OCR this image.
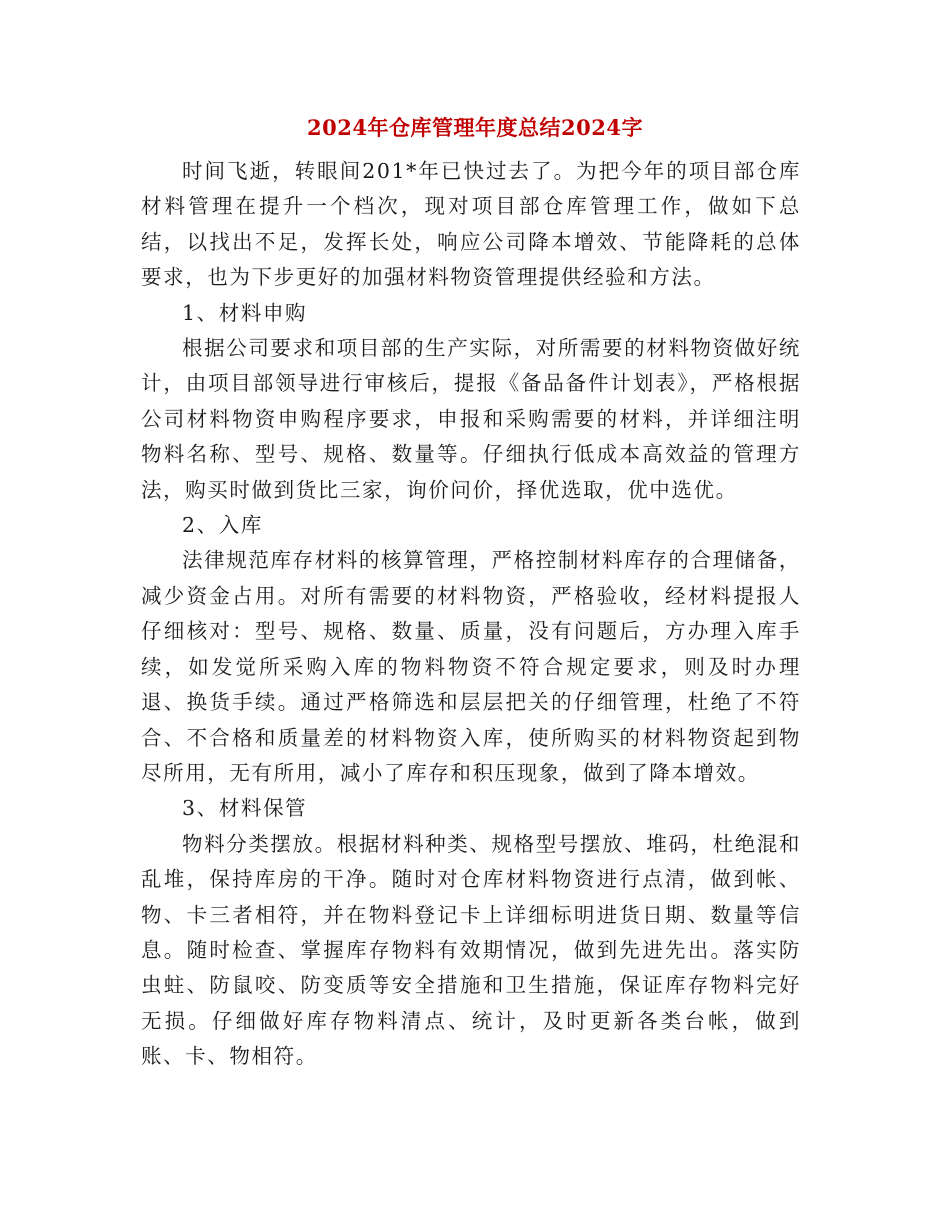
2024年仓库管理年度总结2024字

时间飞逝，转眼间201*年已快过去了。为把今年的项目部仓库材料管理在提升一个档次，现对项目部仓库管理工作，做如下总结，以找出不足，发挥长处，响应公司降本增效、节能降耗的总体要求，也为下步更好的加强材料物资管理提供经验和方法。

1、材料申购

根据公司要求和项目部的生产实际，对所需要的材料物资做好统计，由项目部领导进行审核后，提报《备品备件计划表》，严格根据公司材料物资申购程序要求，申报和采购需要的材料，并详细注明物料名称、型号、规格、数量等。仔细执行低成本高效益的管理方法，购买时做到货比三家，询价问价，择优选取，优中选优。

2、入库

法律规范库存材料的核算管理，严格控制材料库存的合理储备，减少资金占用。对所有需要的材料物资，严格验收，经材料提报人仔细核对：型号、规格、数量、质量，没有问题后，方办理入库手续，如发觉所采购入库的物料物资不符合规定要求，则及时办理退、换货手续。通过严格筛选和层层把关的仔细管理，杜绝了不符合、不合格和质量差的材料物资入库，使所购买的材料物资起到物尽所用，无有所用，减小了库存和积压现象，做到了降本增效。

3、材料保管

物料分类摆放。根据材料种类、规格型号摆放、堆码，杜绝混和乱堆，保持库房的干净。随时对仓库材料物资进行点清，做到帐、物、卡三者相符，并在物料登记卡上详细标明进货日期、数量等信息。随时检查、掌握库存物料有效期情况，做到先进先出。落实防虫蛀、防鼠咬、防变质等安全措施和卫生措施，保证库存物料完好无损。仔细做好库存物料清点、统计，及时更新各类台帐，做到账、卡、物相符。
